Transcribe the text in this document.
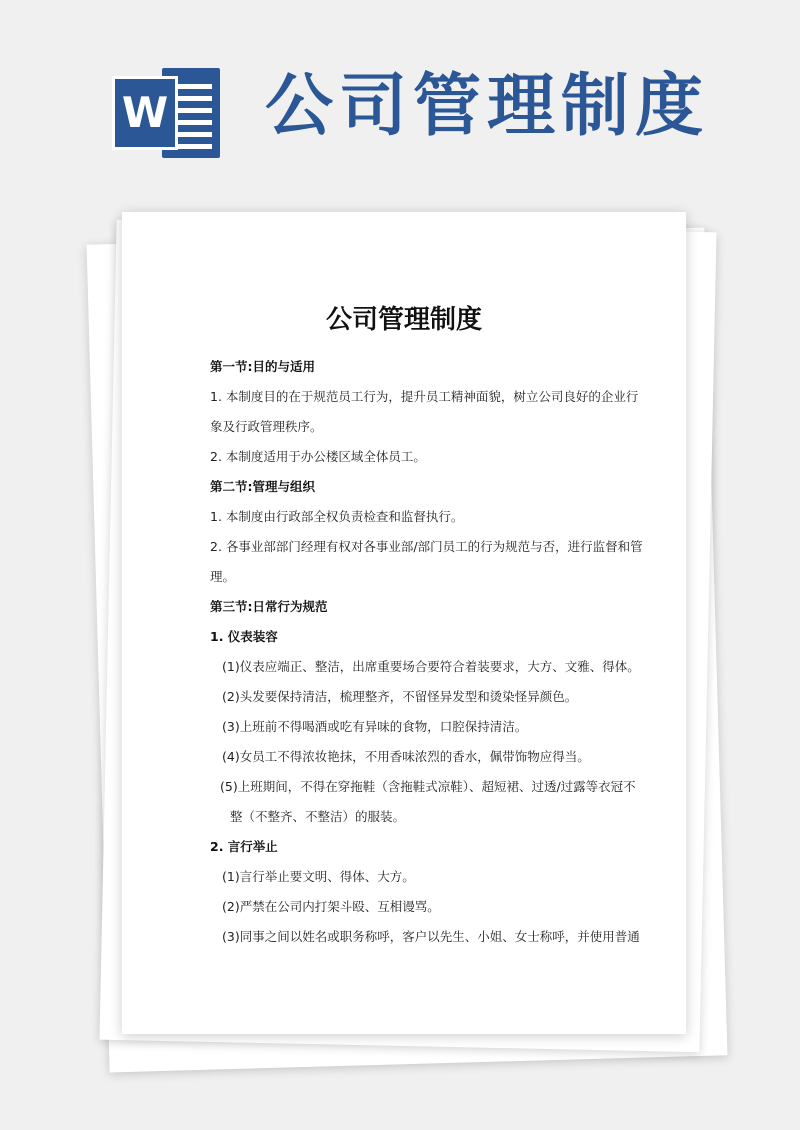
W 公司管理制度
公司管理制度
第一节:目的与适用
1. 本制度目的在于规范员工行为，提升员工精神面貌，树立公司良好的企业行
象及行政管理秩序。
2. 本制度适用于办公楼区域全体员工。
第二节:管理与组织
1. 本制度由行政部全权负责检查和监督执行。
2. 各事业部部门经理有权对各事业部/部门员工的行为规范与否，进行监督和管
理。
第三节:日常行为规范
1. 仪表装容
(1)仪表应端正、整洁，出席重要场合要符合着装要求，大方、文雅、得体。
(2)头发要保持清洁，梳理整齐，不留怪异发型和烫染怪异颜色。
(3)上班前不得喝酒或吃有异味的食物，口腔保持清洁。
(4)女员工不得浓妆艳抹，不用香味浓烈的香水，佩带饰物应得当。
(5)上班期间，不得在穿拖鞋（含拖鞋式凉鞋）、超短裙、过透/过露等衣冠不
整（不整齐、不整洁）的服装。
2. 言行举止
(1)言行举止要文明、得体、大方。
(2)严禁在公司内打架斗殴、互相谩骂。
(3)同事之间以姓名或职务称呼，客户以先生、小姐、女士称呼，并使用普通
